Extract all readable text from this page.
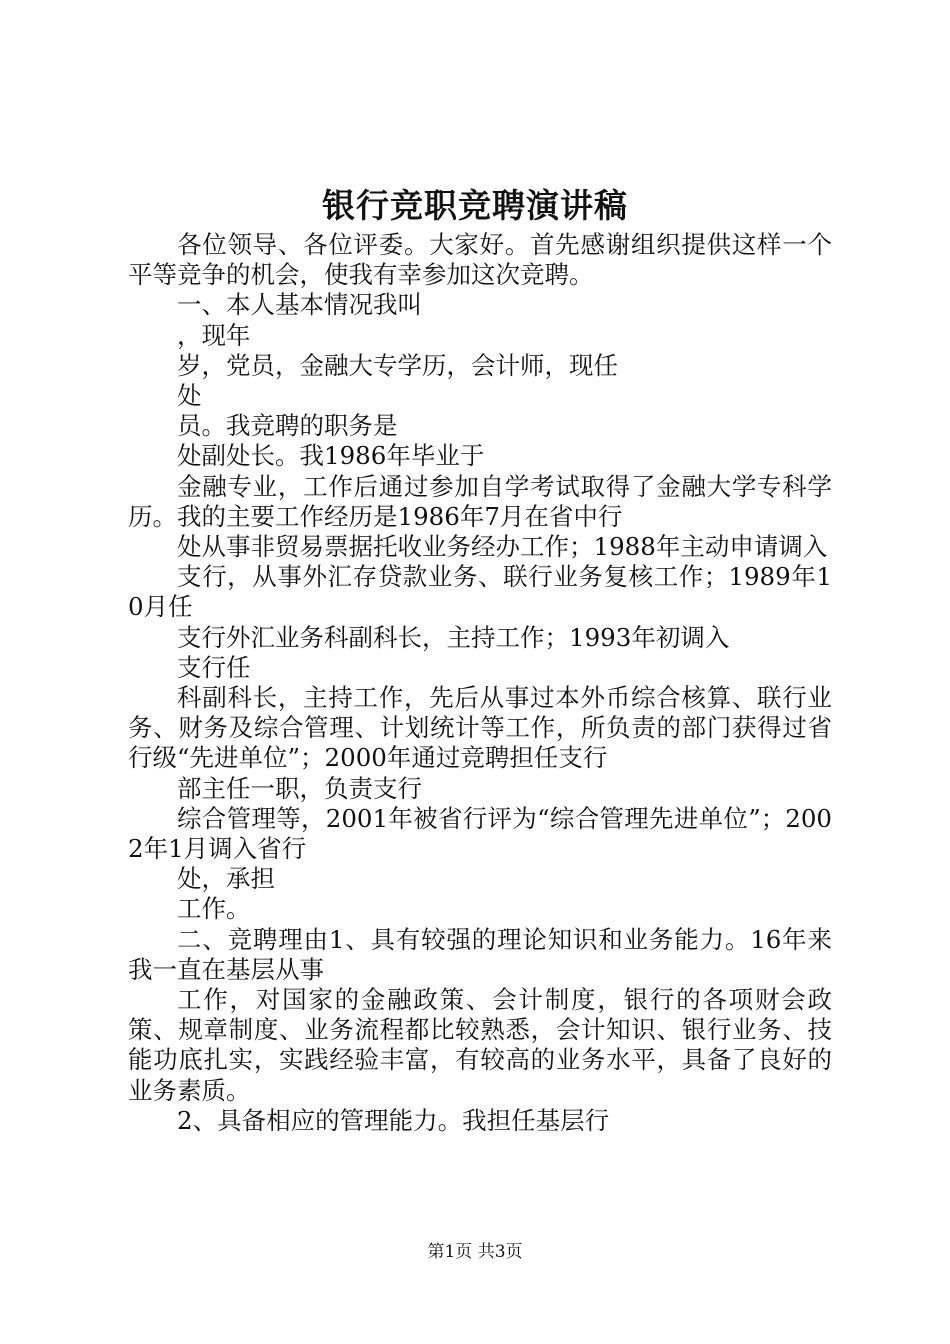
银行竞职竞聘演讲稿

各位领导、各位评委。大家好。首先感谢组织提供这样一个平等竞争的机会，使我有幸参加这次竞聘。

一、本人基本情况我叫

，现年

岁，党员，金融大专学历，会计师，现任

处

员。我竞聘的职务是

处副处长。我1986年毕业于

金融专业，工作后通过参加自学考试取得了金融大学专科学历。我的主要工作经历是1986年7月在省中行

处从事非贸易票据托收业务经办工作；1988年主动申请调入

支行，从事外汇存贷款业务、联行业务复核工作；1989年10月任

支行外汇业务科副科长，主持工作；1993年初调入

支行任

科副科长，主持工作，先后从事过本外币综合核算、联行业务、财务及综合管理、计划统计等工作，所负责的部门获得过省行级“先进单位”；2000年通过竞聘担任支行

部主任一职，负责支行

综合管理等，2001年被省行评为“综合管理先进单位”；2002年1月调入省行

处，承担

工作。

二、竞聘理由1、具有较强的理论知识和业务能力。16年来我一直在基层从事

工作，对国家的金融政策、会计制度，银行的各项财会政策、规章制度、业务流程都比较熟悉，会计知识、银行业务、技能功底扎实，实践经验丰富，有较高的业务水平，具备了良好的业务素质。

2、具备相应的管理能力。我担任基层行

第1页 共3页
